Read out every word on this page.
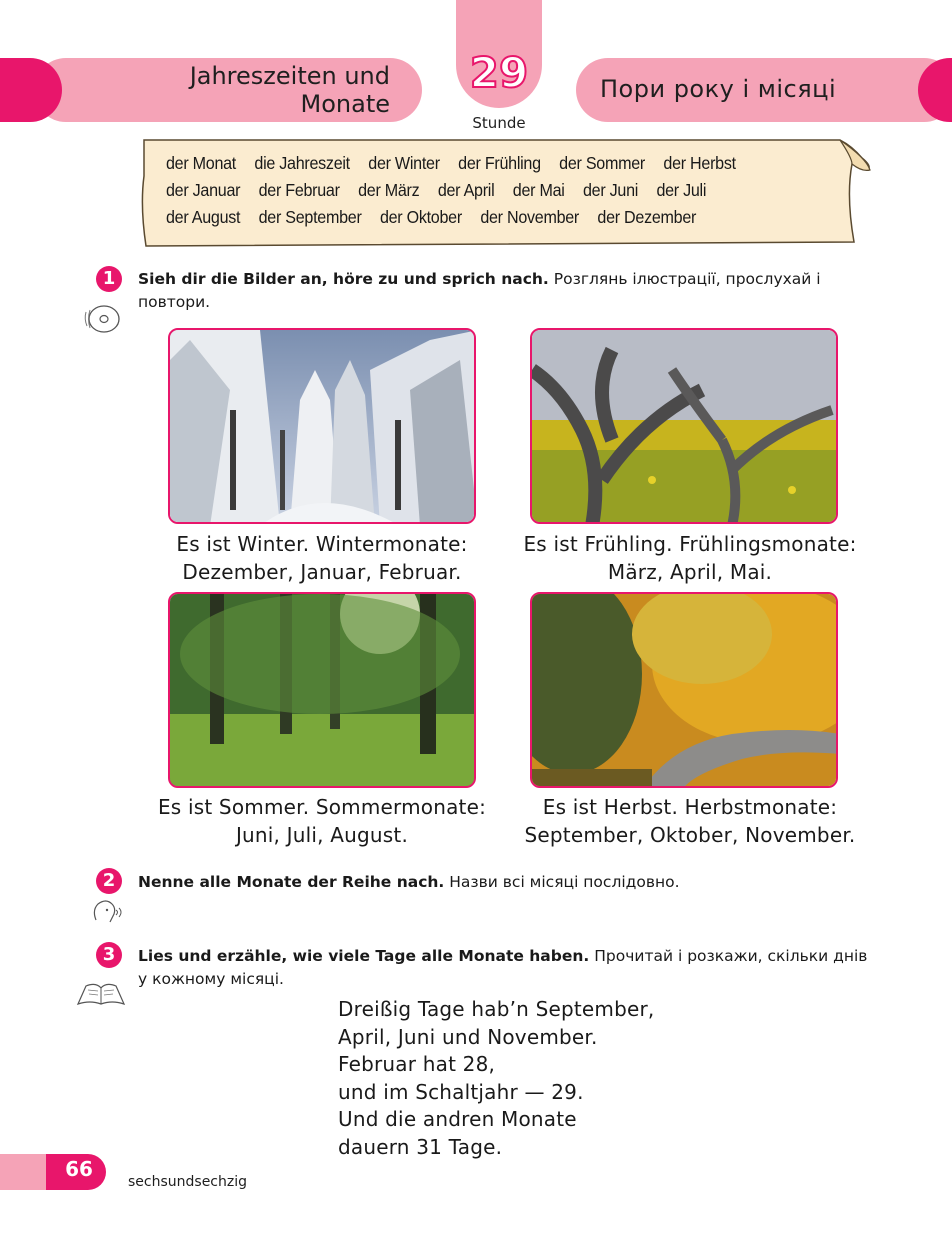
Jahreszeiten und
Monate
29
Stunde
Пори року і місяці
der Monat die Jahreszeit der Winter der Frühling der Sommer der Herbst
der Januar der Februar der März der April der Mai der Juni der Juli
der August der September der Oktober der November der Dezember
1	Sieh dir die Bilder an, höre zu und sprich nach. Розглянь ілюстрації, прослухай і повтори.
Es ist Winter. Wintermonate:
Dezember, Januar, Februar.
Es ist Frühling. Frühlingsmonate:
März, April, Mai.
Es ist Sommer. Sommermonate:
Juni, Juli, August.
Es ist Herbst. Herbstmonate:
September, Oktober, November.
2	Nenne alle Monate der Reihe nach. Назви всі місяці послідовно.
3	Lies und erzähle, wie viele Tage alle Monate haben. Прочитай і розкажи, скільки днів у кожному місяці.
Dreißig Tage hab’n September,
April, Juni und November.
Februar hat 28,
und im Schaltjahr — 29.
Und die andren Monate
dauern 31 Tage.
66
sechsundsechzig
